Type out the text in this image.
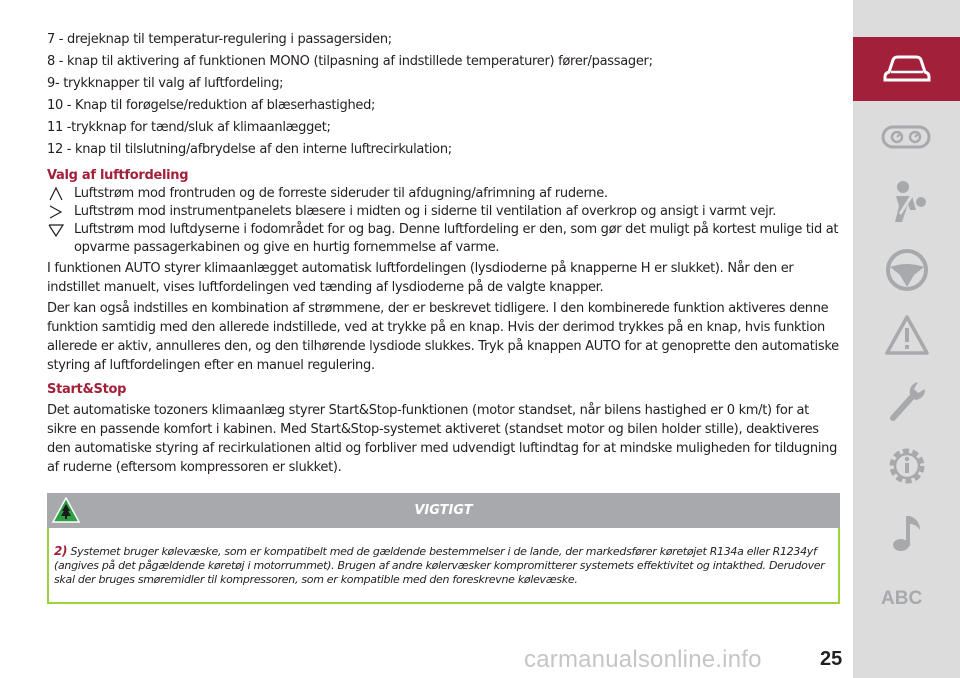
7 - drejeknap til temperatur-regulering i passagersiden;
8 - knap til aktivering af funktionen MONO (tilpasning af indstillede temperaturer) fører/passager;
9- trykknapper til valg af luftfordeling;
10 - Knap til forøgelse/reduktion af blæserhastighed;
11 -trykknap for tænd/sluk af klimaanlægget;
12 - knap til tilslutning/afbrydelse af den interne luftrecirkulation;
Valg af luftfordeling
Luftstrøm mod frontruden og de forreste sideruder til afdugning/afrimning af ruderne.
Luftstrøm mod instrumentpanelets blæsere i midten og i siderne til ventilation af overkrop og ansigt i varmt vejr.
Luftstrøm mod luftdyserne i fodområdet for og bag. Denne luftfordeling er den, som gør det muligt på kortest mulige tid at opvarme passagerkabinen og give en hurtig fornemmelse af varme.
I funktionen AUTO styrer klimaanlægget automatisk luftfordelingen (lysdioderne på knapperne H er slukket). Når den er indstillet manuelt, vises luftfordelingen ved tænding af lysdioderne på de valgte knapper.
Der kan også indstilles en kombination af strømmene, der er beskrevet tidligere. I den kombinerede funktion aktiveres denne funktion samtidig med den allerede indstillede, ved at trykke på en knap. Hvis der derimod trykkes på en knap, hvis funktion allerede er aktiv, annulleres den, og den tilhørende lysdiode slukkes. Tryk på knappen AUTO for at genoprette den automatiske styring af luftfordelingen efter en manuel regulering.
Start&Stop
Det automatiske tozoners klimaanlæg styrer Start&Stop-funktionen (motor standset, når bilens hastighed er 0 km/t) for at sikre en passende komfort i kabinen. Med Start&Stop-systemet aktiveret (standset motor og bilen holder stille), deaktiveres den automatiske styring af recirkulationen altid og forbliver med udvendigt luftindtag for at mindske muligheden for tildugning af ruderne (eftersom kompressoren er slukket).
VIGTIGT
2) Systemet bruger kølevæske, som er kompatibelt med de gældende bestemmelser i de lande, der markedsfører køretøjet R134a eller R1234yf (angives på det pågældende køretøj i motorrummet). Brugen af andre kølervæsker kompromitterer systemets effektivitet og intakthed. Derudover skal der bruges smøremidler til kompressoren, som er kompatible med den foreskrevne kølevæske.
ABC
carmanualsonline.info	25
